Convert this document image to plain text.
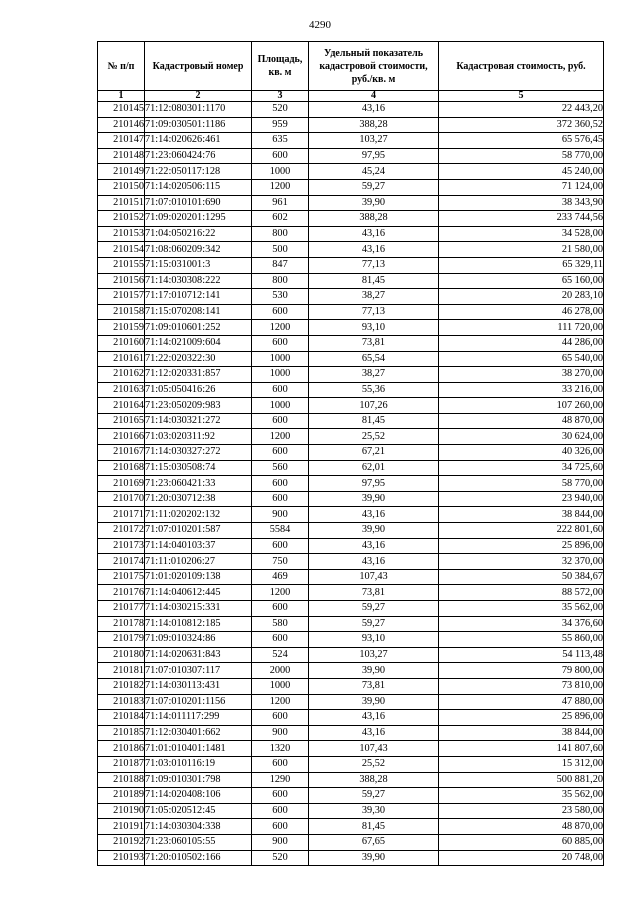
4290
№ п/п	Кадастровый номер	Площадь, кв. м	Удельный показатель кадастровой стоимости, руб./кв. м	Кадастровая стоимость, руб.
1	2	3	4	5
210145	71:12:080301:1170	520	43,16	22 443,20
210146	71:09:030501:1186	959	388,28	372 360,52
210147	71:14:020626:461	635	103,27	65 576,45
210148	71:23:060424:76	600	97,95	58 770,00
210149	71:22:050117:128	1000	45,24	45 240,00
210150	71:14:020506:115	1200	59,27	71 124,00
210151	71:07:010101:690	961	39,90	38 343,90
210152	71:09:020201:1295	602	388,28	233 744,56
210153	71:04:050216:22	800	43,16	34 528,00
210154	71:08:060209:342	500	43,16	21 580,00
210155	71:15:031001:3	847	77,13	65 329,11
210156	71:14:030308:222	800	81,45	65 160,00
210157	71:17:010712:141	530	38,27	20 283,10
210158	71:15:070208:141	600	77,13	46 278,00
210159	71:09:010601:252	1200	93,10	111 720,00
210160	71:14:021009:604	600	73,81	44 286,00
210161	71:22:020322:30	1000	65,54	65 540,00
210162	71:12:020331:857	1000	38,27	38 270,00
210163	71:05:050416:26	600	55,36	33 216,00
210164	71:23:050209:983	1000	107,26	107 260,00
210165	71:14:030321:272	600	81,45	48 870,00
210166	71:03:020311:92	1200	25,52	30 624,00
210167	71:14:030327:272	600	67,21	40 326,00
210168	71:15:030508:74	560	62,01	34 725,60
210169	71:23:060421:33	600	97,95	58 770,00
210170	71:20:030712:38	600	39,90	23 940,00
210171	71:11:020202:132	900	43,16	38 844,00
210172	71:07:010201:587	5584	39,90	222 801,60
210173	71:14:040103:37	600	43,16	25 896,00
210174	71:11:010206:27	750	43,16	32 370,00
210175	71:01:020109:138	469	107,43	50 384,67
210176	71:14:040612:445	1200	73,81	88 572,00
210177	71:14:030215:331	600	59,27	35 562,00
210178	71:14:010812:185	580	59,27	34 376,60
210179	71:09:010324:86	600	93,10	55 860,00
210180	71:14:020631:843	524	103,27	54 113,48
210181	71:07:010307:117	2000	39,90	79 800,00
210182	71:14:030113:431	1000	73,81	73 810,00
210183	71:07:010201:1156	1200	39,90	47 880,00
210184	71:14:011117:299	600	43,16	25 896,00
210185	71:12:030401:662	900	43,16	38 844,00
210186	71:01:010401:1481	1320	107,43	141 807,60
210187	71:03:010116:19	600	25,52	15 312,00
210188	71:09:010301:798	1290	388,28	500 881,20
210189	71:14:020408:106	600	59,27	35 562,00
210190	71:05:020512:45	600	39,30	23 580,00
210191	71:14:030304:338	600	81,45	48 870,00
210192	71:23:060105:55	900	67,65	60 885,00
210193	71:20:010502:166	520	39,90	20 748,00
